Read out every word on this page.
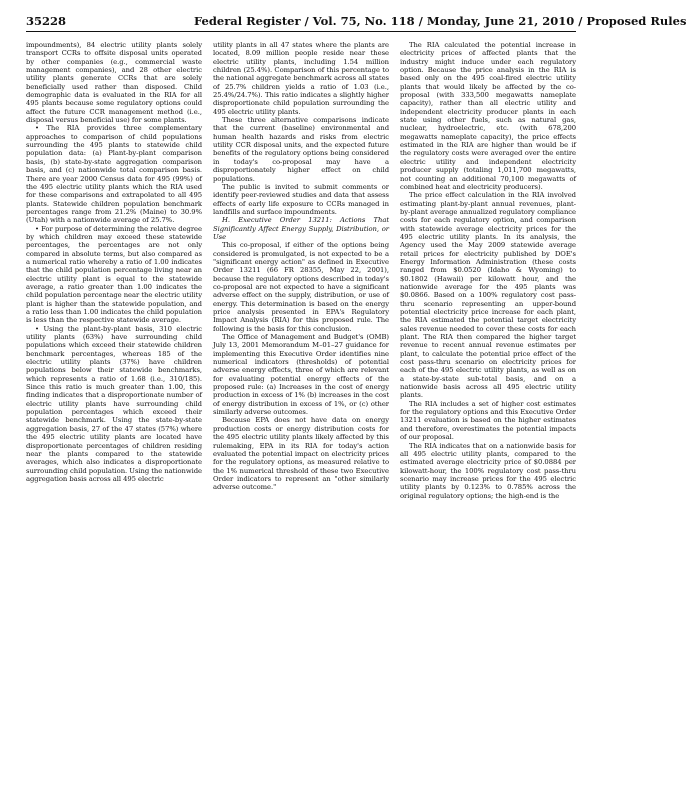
35228	Federal Register / Vol. 75, No. 118 / Monday, June 21, 2010 / Proposed Rules

impoundments), 84 electric utility plants solely transport CCRs to offsite disposal units operated by other companies (e.g., commercial waste management companies), and 28 other electric utility plants generate CCRs that are solely beneficially used rather than disposed. Child demographic data is evaluated in the RIA for all 495 plants because some regulatory options could affect the future CCR management method (i.e., disposal versus beneficial use) for some plants.

• The RIA provides three complementary approaches to comparison of child populations surrounding the 495 plants to statewide child population data: (a) Plant-by-plant comparison basis, (b) state-by-state aggregation comparison basis, and (c) nationwide total comparison basis. There are year 2000 Census data for 495 (99%) of the 495 electric utility plants which the RIA used for these comparisons and extrapolated to all 495 plants. Statewide children population benchmark percentages range from 21.2% (Maine) to 30.9% (Utah) with a nationwide average of 25.7%.

• For purpose of determining the relative degree by which children may exceed these statewide percentages, the percentages are not only compared in absolute terms, but also compared as a numerical ratio whereby a ratio of 1.00 indicates that the child population percentage living near an electric utility plant is equal to the statewide average, a ratio greater than 1.00 indicates the child population percentage near the electric utility plant is higher than the statewide population, and a ratio less than 1.00 indicates the child population is less than the respective statewide average.

• Using the plant-by-plant basis, 310 electric utility plants (63%) have surrounding child populations which exceed their statewide children benchmark percentages, whereas 185 of the electric utility plants (37%) have children populations below their statewide benchmarks, which represents a ratio of 1.68 (i.e., 310/185). Since this ratio is much greater than 1.00, this finding indicates that a disproportionate number of electric utility plants have surrounding child population percentages which exceed their statewide benchmark. Using the state-by-state aggregation basis, 27 of the 47 states (57%) where the 495 electric utility plants are located have disproportionate percentages of children residing near the plants compared to the statewide averages, which also indicates a disproportionate surrounding child population. Using the nationwide aggregation basis across all 495 electric

utility plants in all 47 states where the plants are located, 8.09 million people reside near these electric utility plants, including 1.54 million children (25.4%). Comparison of this percentage to the national aggregate benchmark across all states of 25.7% children yields a ratio of 1.03 (i.e., 25.4%/24.7%). This ratio indicates a slightly higher disproportionate child population surrounding the 495 electric utility plants.

These three alternative comparisons indicate that the current (baseline) environmental and human health hazards and risks from electric utility CCR disposal units, and the expected future benefits of the regulatory options being considered in today's co-proposal may have a disproportionately higher effect on child populations.

The public is invited to submit comments or identify peer-reviewed studies and data that assess effects of early life exposure to CCRs managed in landfills and surface impoundments.

H. Executive Order 13211: Actions That Significantly Affect Energy Supply, Distribution, or Use

This co-proposal, if either of the options being considered is promulgated, is not expected to be a "significant energy action" as defined in Executive Order 13211 (66 FR 28355, May 22, 2001), because the regulatory options described in today's co-proposal are not expected to have a significant adverse effect on the supply, distribution, or use of energy. This determination is based on the energy price analysis presented in EPA's Regulatory Impact Analysis (RIA) for this proposed rule. The following is the basis for this conclusion.

The Office of Management and Budget's (OMB) July 13, 2001 Memorandum M–01–27 guidance for implementing this Executive Order identifies nine numerical indicators (thresholds) of potential adverse energy effects, three of which are relevant for evaluating potential energy effects of the proposed rule: (a) Increases in the cost of energy production in excess of 1% (b) increases in the cost of energy distribution in excess of 1%, or (c) other similarly adverse outcomes.

Because EPA does not have data on energy production costs or energy distribution costs for the 495 electric utility plants likely affected by this rulemaking, EPA in its RIA for today's action evaluated the potential impact on electricity prices for the regulatory options, as measured relative to the 1% numerical threshold of these two Executive Order indicators to represent an "other similarly adverse outcome."

The RIA calculated the potential increase in electricity prices of affected plants that the industry might induce under each regulatory option. Because the price analysis in the RIA is based only on the 495 coal-fired electric utility plants that would likely be affected by the co-proposal (with 333,500 megawatts nameplate capacity), rather than all electric utility and independent electricity producer plants in each state using other fuels, such as natural gas, nuclear, hydroelectric, etc. (with 678,200 megawatts nameplate capacity), the price effects estimated in the RIA are higher than would be if the regulatory costs were averaged over the entire electric utility and independent electricity producer supply (totaling 1,011,700 megawatts, not counting an additional 70,100 megawatts of combined heat and electricity producers).

The price effect calculation in the RIA involved estimating plant-by-plant annual revenues, plant-by-plant average annualized regulatory compliance costs for each regulatory option, and comparison with statewide average electricity prices for the 495 electric utility plants. In its analysis, the Agency used the May 2009 statewide average retail prices for electricity published by DOE's Energy Information Administration (these costs ranged from $0.0520 (Idaho & Wyoming) to $0.1802 (Hawaii) per kilowatt hour, and the nationwide average for the 495 plants was $0.0866. Based on a 100% regulatory cost pass-thru scenario representing an upper-bound potential electricity price increase for each plant, the RIA estimated the potential target electricity sales revenue needed to cover these costs for each plant. The RIA then compared the higher target revenue to recent annual revenue estimates per plant, to calculate the potential price effect of the cost pass-thru scenario on electricity prices for each of the 495 electric utility plants, as well as on a state-by-state sub-total basis, and on a nationwide basis across all 495 electric utility plants.

The RIA includes a set of higher cost estimates for the regulatory options and this Executive Order 13211 evaluation is based on the higher estimates and therefore, overestimates the potential impacts of our proposal.

The RIA indicates that on a nationwide basis for all 495 electric utility plants, compared to the estimated average electricity price of $0.0884 per kilowatt-hour, the 100% regulatory cost pass-thru scenario may increase prices for the 495 electric utility plants by 0.123% to 0.785% across the original regulatory options; the high-end is the
